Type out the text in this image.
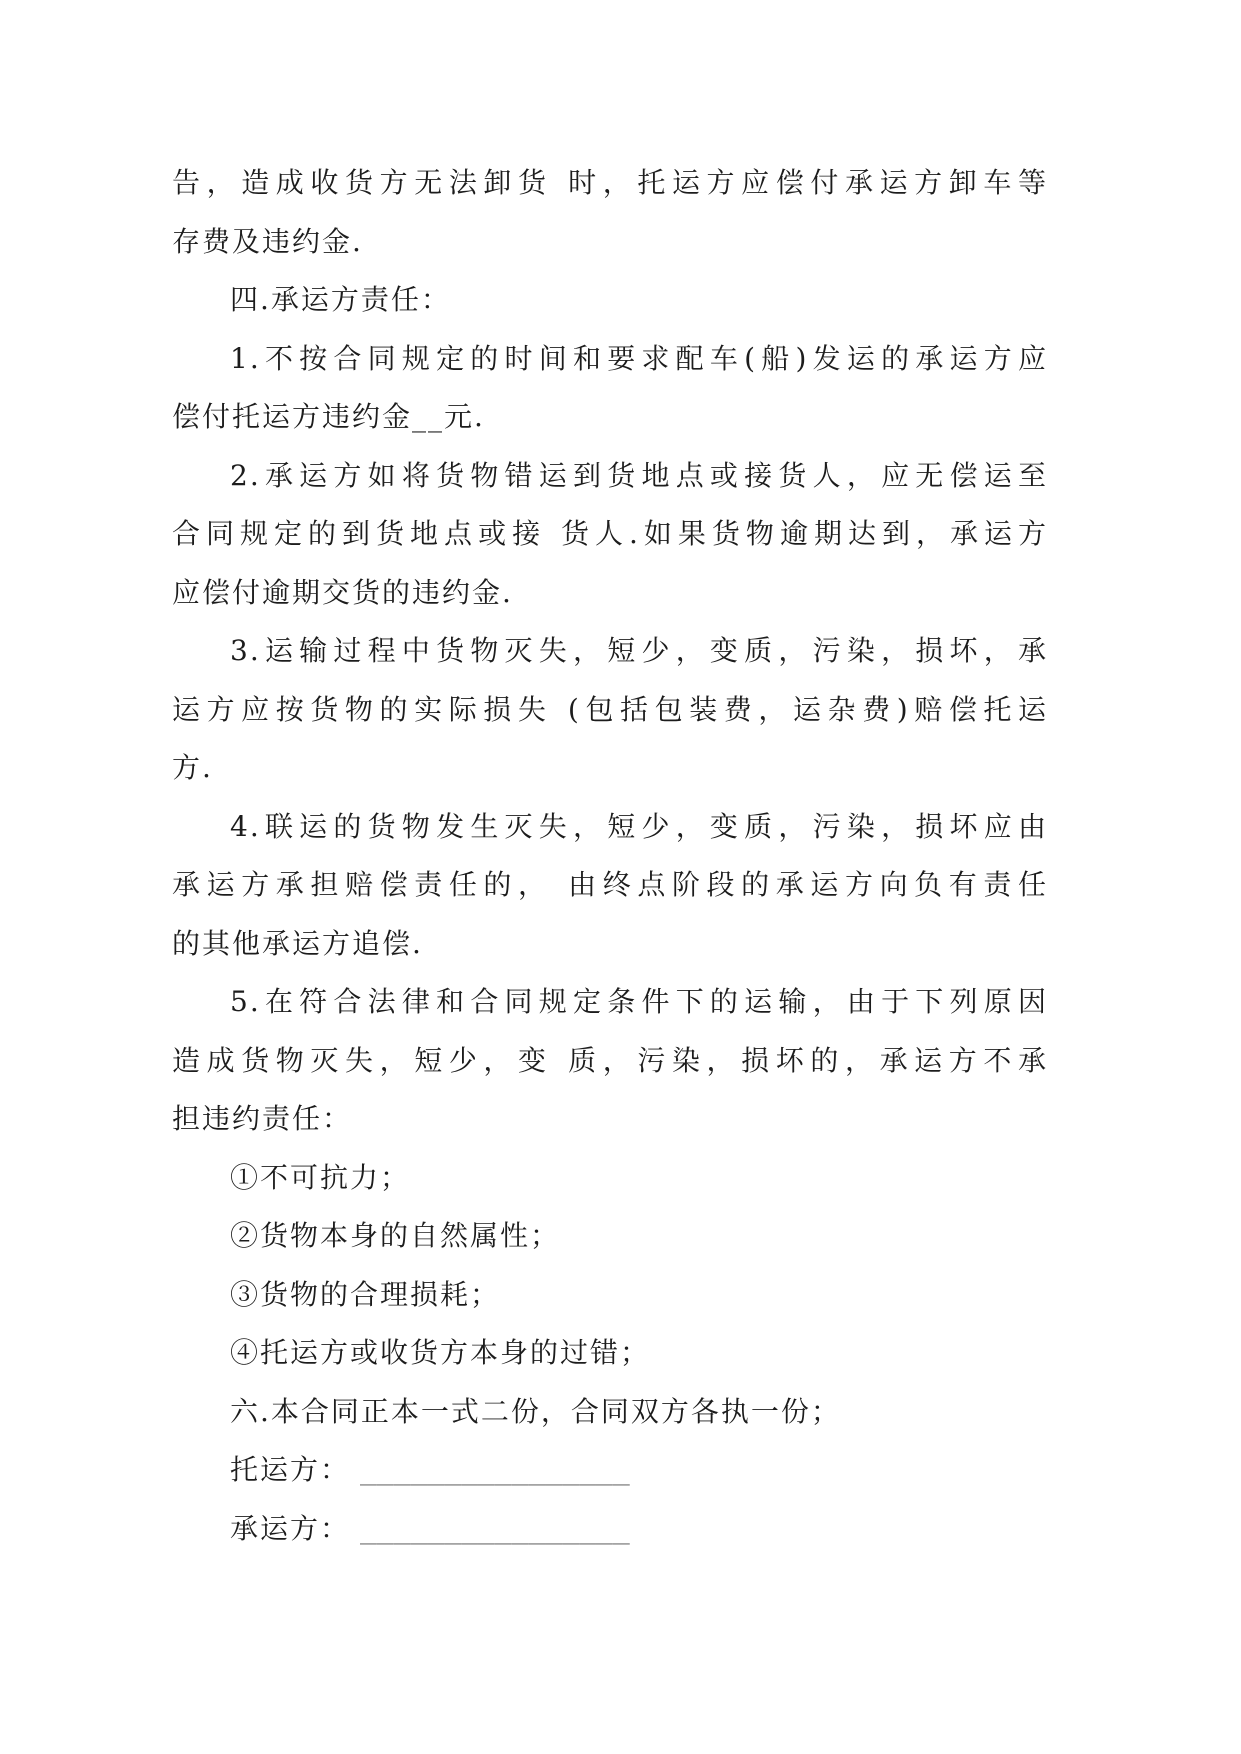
告，造成收货方无法卸货 时，托运方应偿付承运方卸车等
存费及违约金.
四.承运方责任：
1.不按合同规定的时间和要求配车(船)发运的承运方应
偿付托运方违约金__元.
2.承运方如将货物错运到货地点或接货人，应无偿运至
合同规定的到货地点或接 货人.如果货物逾期达到，承运方
应偿付逾期交货的违约金.
3.运输过程中货物灭失，短少，变质，污染，损坏，承
运方应按货物的实际损失 (包括包装费，运杂费)赔偿托运
方.
4.联运的货物发生灭失，短少，变质，污染，损坏应由
承运方承担赔偿责任的， 由终点阶段的承运方向负有责任
的其他承运方追偿.
5.在符合法律和合同规定条件下的运输，由于下列原因
造成货物灭失，短少，变 质，污染，损坏的，承运方不承
担违约责任：
①不可抗力；
②货物本身的自然属性；
③货物的合理损耗；
④托运方或收货方本身的过错；
六.本合同正本一式二份，合同双方各执一份；
托运方： ________________
承运方： ________________
